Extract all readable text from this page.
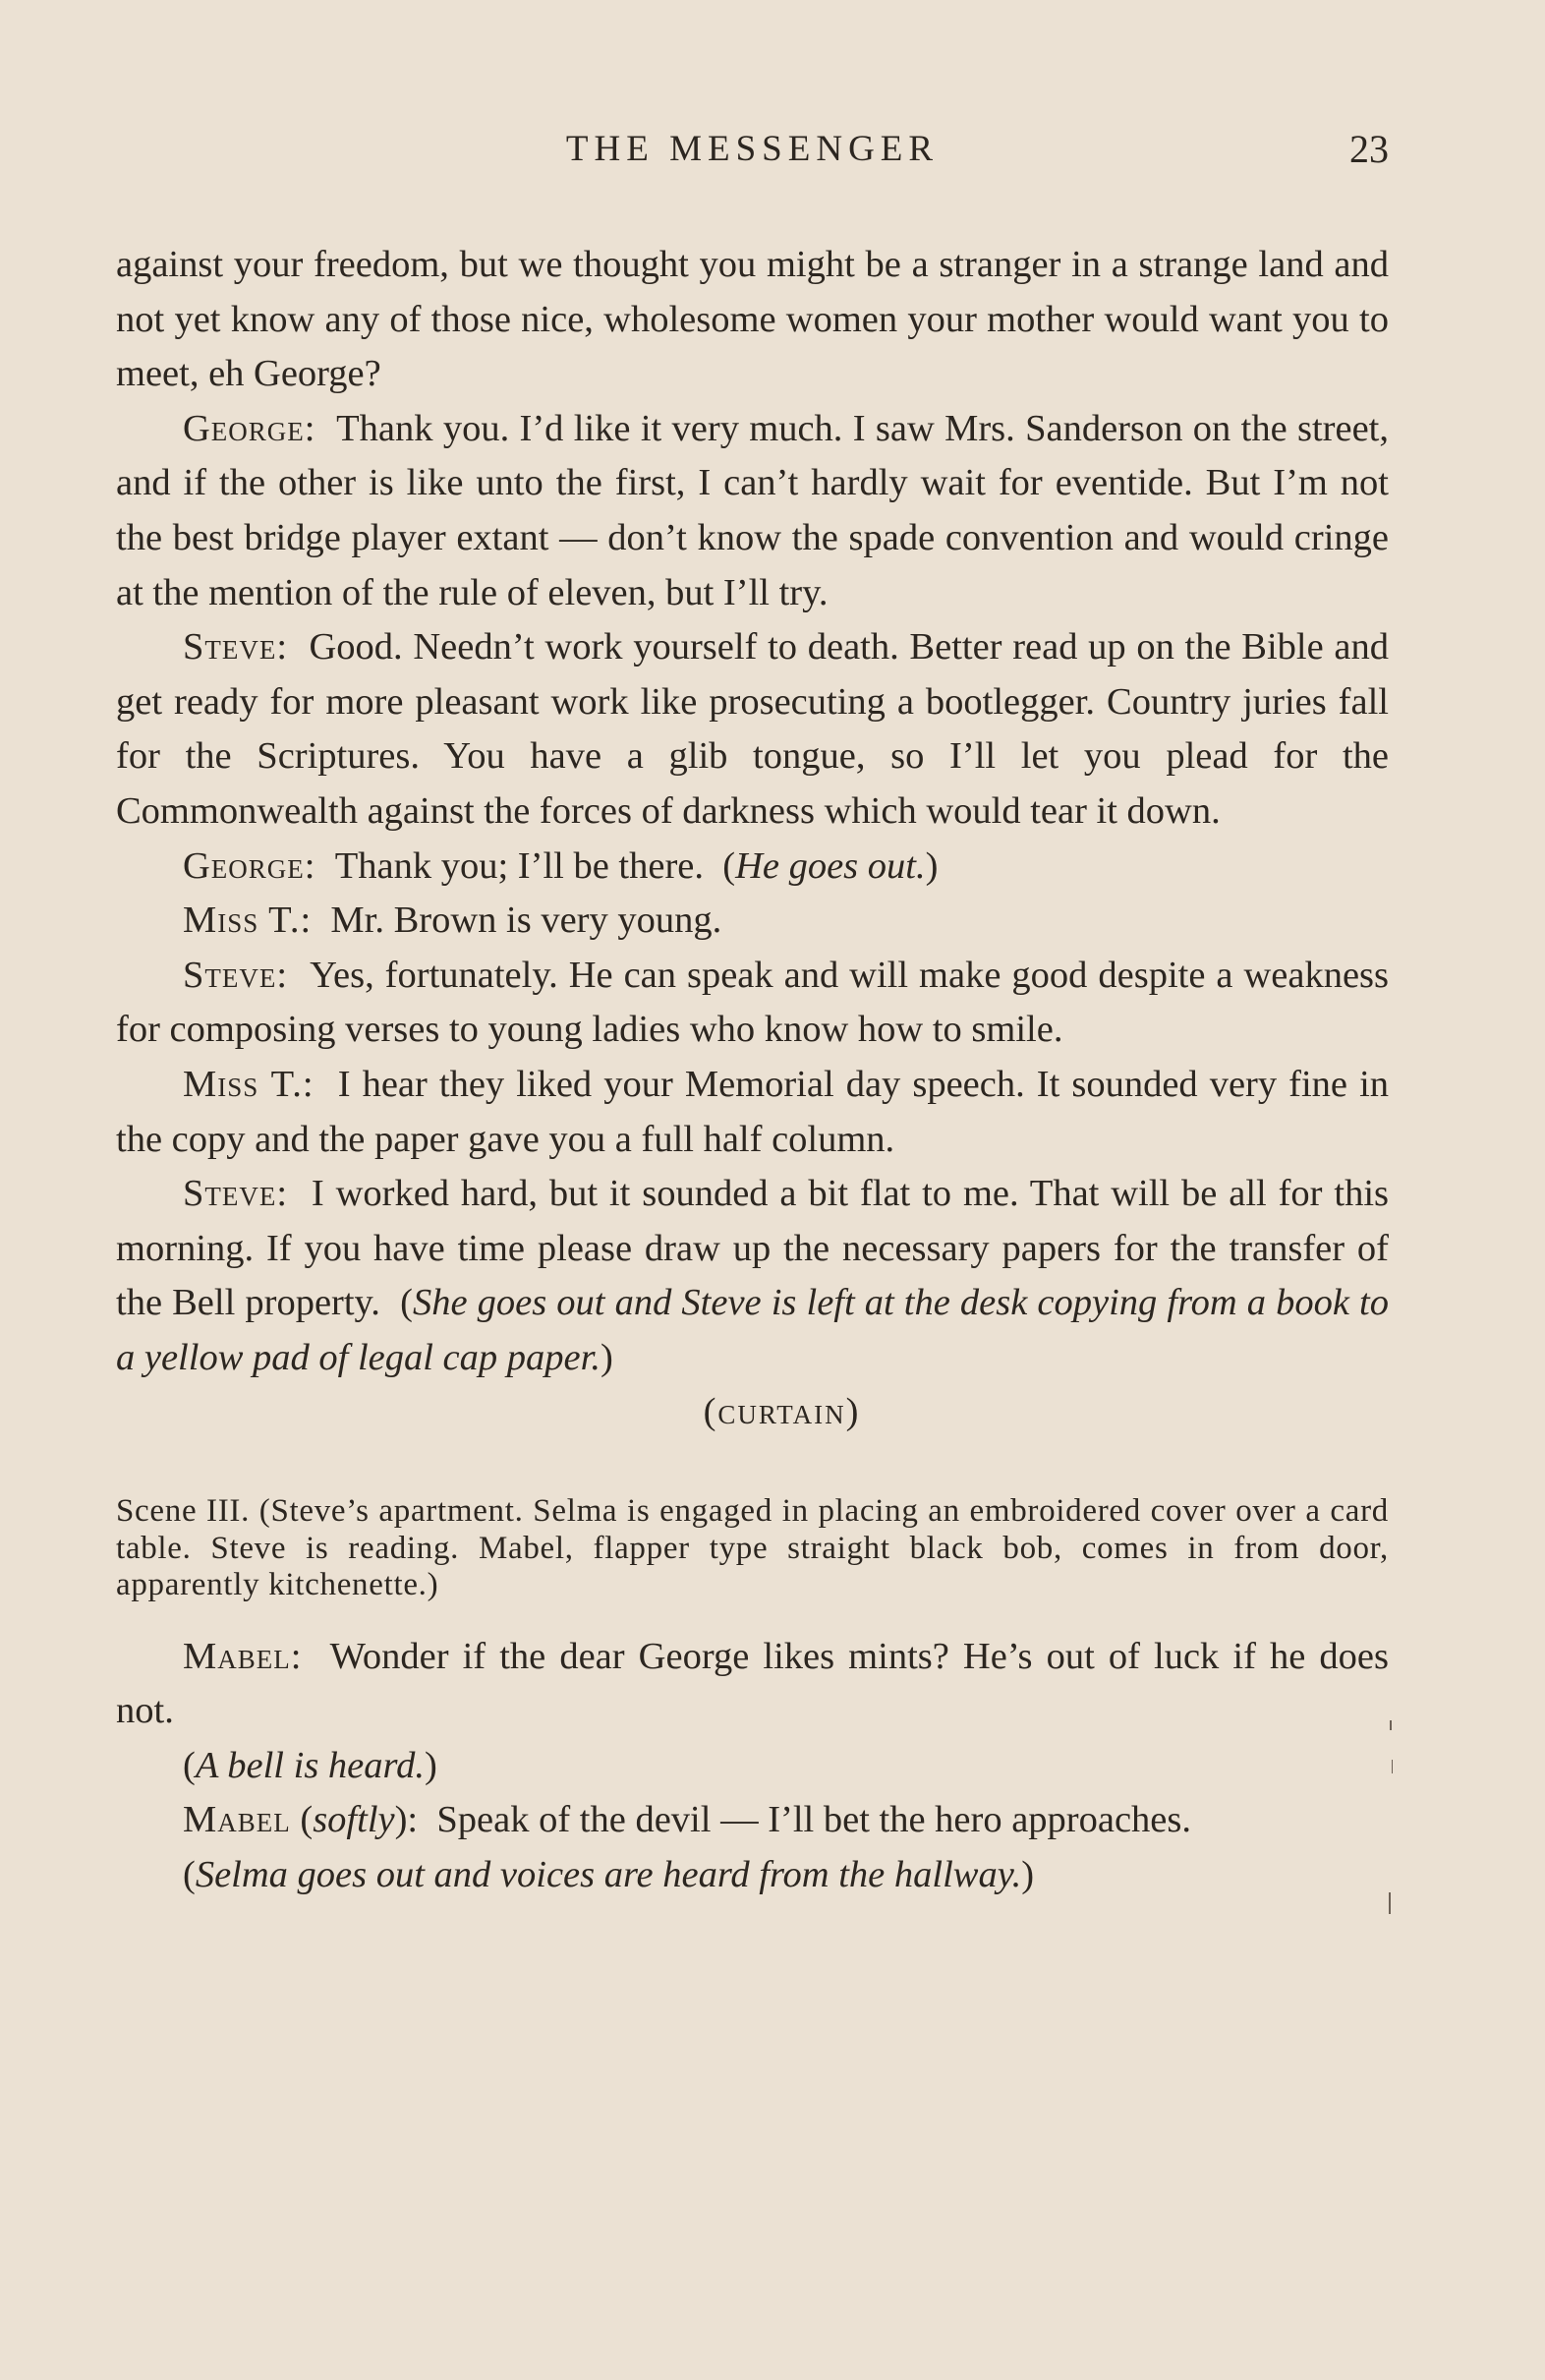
THE MESSENGER	23

against your freedom, but we thought you might be a stranger in a strange land and not yet know any of those nice, wholesome women your mother would want you to meet, eh George?

George: Thank you. I’d like it very much. I saw Mrs. Sanderson on the street, and if the other is like unto the first, I can’t hardly wait for eventide. But I’m not the best bridge player extant — don’t know the spade convention and would cringe at the mention of the rule of eleven, but I’ll try.

Steve: Good. Needn’t work yourself to death. Better read up on the Bible and get ready for more pleasant work like prosecuting a bootlegger. Country juries fall for the Scriptures. You have a glib tongue, so I’ll let you plead for the Commonwealth against the forces of darkness which would tear it down.

George: Thank you; I’ll be there.  (He goes out.)

Miss T.: Mr. Brown is very young.

Steve: Yes, fortunately. He can speak and will make good despite a weakness for composing verses to young ladies who know how to smile.

Miss T.: I hear they liked your Memorial day speech. It sounded very fine in the copy and the paper gave you a full half column.

Steve: I worked hard, but it sounded a bit flat to me. That will be all for this morning. If you have time please draw up the necessary papers for the transfer of the Bell property.  (She goes out and Steve is left at the desk copying from a book to a yellow pad of legal cap paper.)

(curtain)

Scene III. (Steve’s apartment. Selma is engaged in placing an embroidered cover over a card table. Steve is reading. Mabel, flapper type straight black bob, comes in from door, apparently kitchenette.)

Mabel: Wonder if the dear George likes mints? He’s out of luck if he does not.

(A bell is heard.)

Mabel (softly):  Speak of the devil — I’ll bet the hero approaches.

(Selma goes out and voices are heard from the hallway.)
